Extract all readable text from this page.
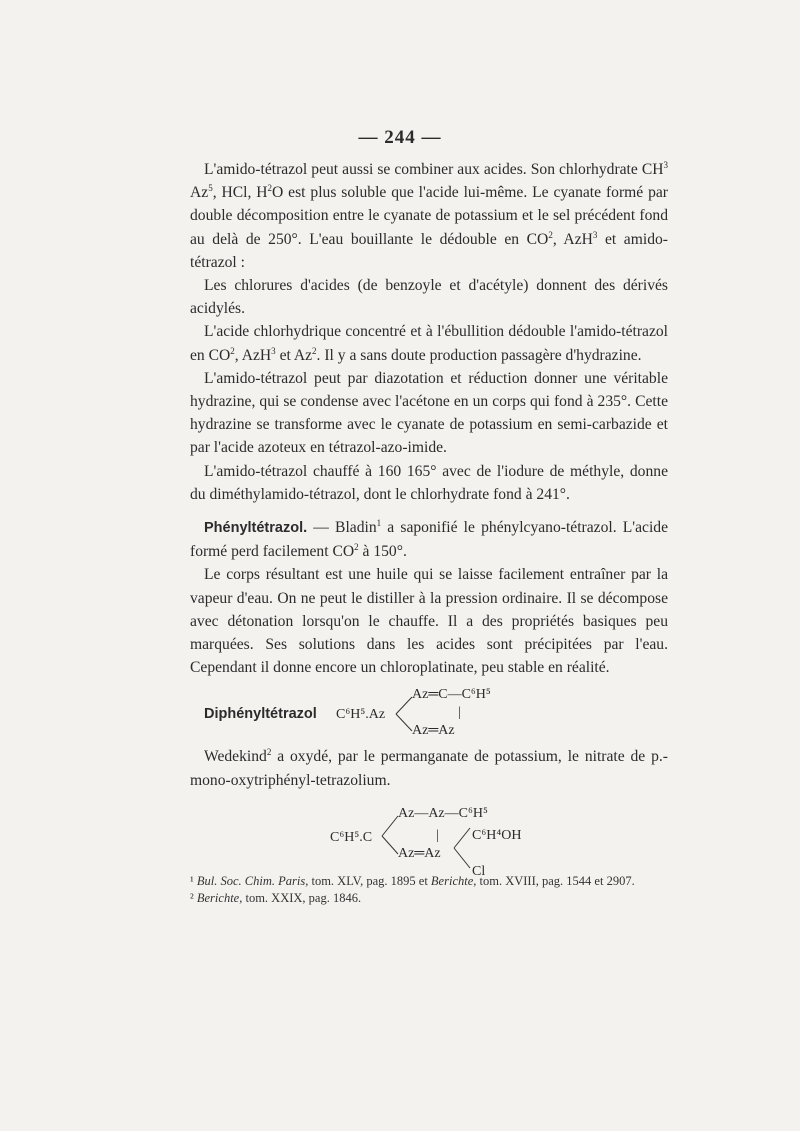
— 244 —

L'amido-tétrazol peut aussi se combiner aux acides. Son chlorhydrate $CH^3$ Az$^5$, HCl, $H^2O$ est plus soluble que l'acide lui-même. Le cyanate formé par double décomposition entre le cyanate de potassium et le sel précédent fond au delà de 250°. L'eau bouillante le dédouble en $CO^2$, AzH$^3$ et amido-tétrazol :

Les chlorures d'acides (de benzoyle et d'acétyle) donnent des dérivés acidylés.

L'acide chlorhydrique concentré et à l'ébullition dédouble l'amido-tétrazol en $CO^2$, AzH$^3$ et Az$^2$. Il y a sans doute production passagère d'hydrazine.

L'amido-tétrazol peut par diazotation et réduction donner une véritable hydrazine, qui se condense avec l'acétone en un corps qui fond à 235°. Cette hydrazine se transforme avec le cyanate de potassium en semi-carbazide et par l'acide azoteux en tétrazol-azo-imide.

L'amido-tétrazol chauffé à 160 165° avec de l'iodure de méthyle, donne du diméthylamido-tétrazol, dont le chlorhydrate fond à 241°.

Phényltétrazol. — Bladin$^1$ a saponifié le phénylcyano-tétrazol. L'acide formé perd facilement $CO^2$ à 150°.

Le corps résultant est une huile qui se laisse facilement entraîner par la vapeur d'eau. On ne peut le distiller à la pression ordinaire. Il se décompose avec détonation lorsqu'on le chauffe. Il a des propriétés basiques peu marquées. Ses solutions dans les acides sont précipitées par l'eau. Cependant il donne encore un chloroplatinate, peu stable en réalité.

Diphényltétrazol C⁶H⁵.Az
Az═C—C⁶H⁵
|
Az═Az

Wedekind$^2$ a oxydé, par le permanganate de potassium, le nitrate de p.-mono-oxytriphényl-tetrazolium.

C⁶H⁵.C
Az—Az—C⁶H⁵
| C⁶H⁴OH
Az═Az
Cl

¹ Bul. Soc. Chim. Paris, tom. XLV, pag. 1895 et Berichte, tom. XVIII, pag. 1544 et 2907.

² Berichte, tom. XXIX, pag. 1846.
